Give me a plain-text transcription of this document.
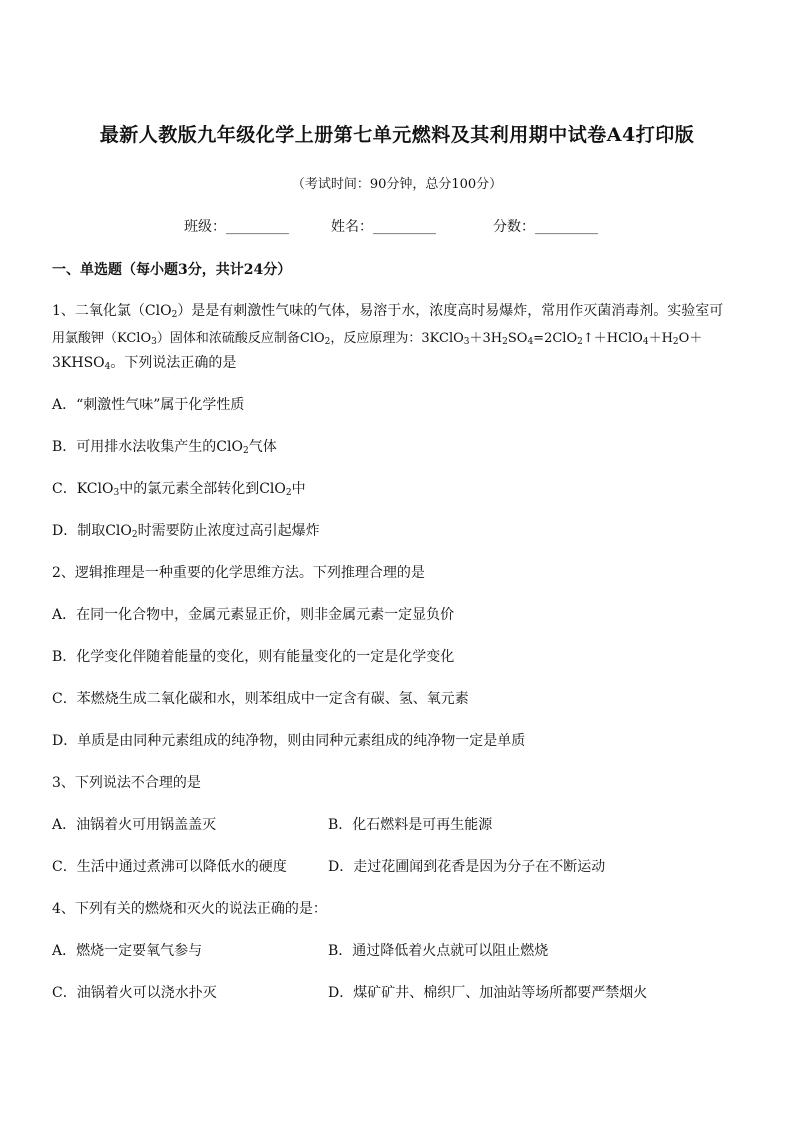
最新人教版九年级化学上册第七单元燃料及其利用期中试卷A4打印版
（考试时间：90分钟，总分100分）
班级：_________	姓名：_________	分数：_________
一、单选题（每小题3分，共计24分）
1、二氧化氯（ClO$_2$）是是有刺激性气味的气体，易溶于水，浓度高时易爆炸，常用作灭菌消毒剂。实验室可
用氯酸钾（KClO$_3$）固体和浓硫酸反应制备ClO$_2$，反应原理为：$3KClO_3+3H_2SO_4=2ClO_2↑+HClO_4+H_2O+$
$3KHSO_4$。下列说法正确的是
A．“刺激性气味”属于化学性质
B．可用排水法收集产生的ClO$_2$气体
C．KClO$_3$中的氯元素全部转化到ClO$_2$中
D．制取ClO$_2$时需要防止浓度过高引起爆炸
2、逻辑推理是一种重要的化学思维方法。下列推理合理的是
A．在同一化合物中，金属元素显正价，则非金属元素一定显负价
B．化学变化伴随着能量的变化，则有能量变化的一定是化学变化
C．苯燃烧生成二氧化碳和水，则苯组成中一定含有碳、氢、氧元素
D．单质是由同种元素组成的纯净物，则由同种元素组成的纯净物一定是单质
3、下列说法不合理的是
A．油锅着火可用锅盖盖灭	B．化石燃料是可再生能源
C．生活中通过煮沸可以降低水的硬度	D．走过花圃闻到花香是因为分子在不断运动
4、下列有关的燃烧和灭火的说法正确的是：
A．燃烧一定要氧气参与	B．通过降低着火点就可以阻止燃烧
C．油锅着火可以浇水扑灭	D．煤矿矿井、棉织厂、加油站等场所都要严禁烟火
